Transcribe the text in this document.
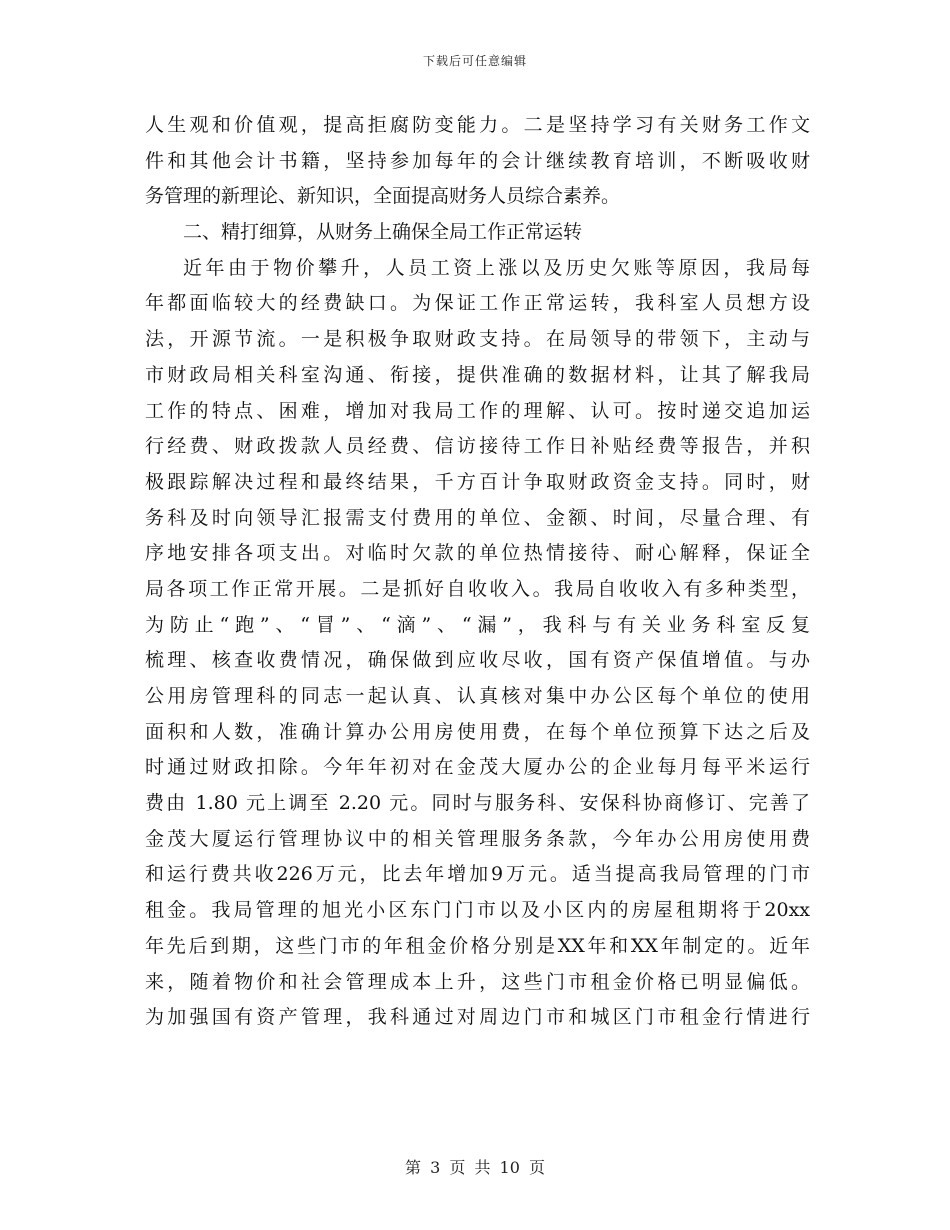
下载后可任意编辑
人生观和价值观，提高拒腐防变能力。二是坚持学习有关财务工作文
件和其他会计书籍，坚持参加每年的会计继续教育培训，不断吸收财
务管理的新理论、新知识，全面提高财务人员综合素养。
二、精打细算，从财务上确保全局工作正常运转
近年由于物价攀升，人员工资上涨以及历史欠账等原因，我局每
年都面临较大的经费缺口。为保证工作正常运转，我科室人员想方设
法，开源节流。一是积极争取财政支持。在局领导的带领下，主动与
市财政局相关科室沟通、衔接，提供准确的数据材料，让其了解我局
工作的特点、困难，增加对我局工作的理解、认可。按时递交追加运
行经费、财政拨款人员经费、信访接待工作日补贴经费等报告，并积
极跟踪解决过程和最终结果，千方百计争取财政资金支持。同时，财
务科及时向领导汇报需支付费用的单位、金额、时间，尽量合理、有
序地安排各项支出。对临时欠款的单位热情接待、耐心解释，保证全
局各项工作正常开展。二是抓好自收收入。我局自收收入有多种类型，
为防止“跑”、“冒”、“滴”、“漏”，我科与有关业务科室反复
梳理、核查收费情况，确保做到应收尽收，国有资产保值增值。与办
公用房管理科的同志一起认真、认真核对集中办公区每个单位的使用
面积和人数，准确计算办公用房使用费，在每个单位预算下达之后及
时通过财政扣除。今年年初对在金茂大厦办公的企业每月每平米运行
费由 1.80 元上调至 2.20 元。同时与服务科、安保科协商修订、完善了
金茂大厦运行管理协议中的相关管理服务条款，今年办公用房使用费
和运行费共收226万元，比去年增加9万元。适当提高我局管理的门市
租金。我局管理的旭光小区东门门市以及小区内的房屋租期将于20xx
年先后到期，这些门市的年租金价格分别是XX年和XX年制定的。近年
来，随着物价和社会管理成本上升，这些门市租金价格已明显偏低。
为加强国有资产管理，我科通过对周边门市和城区门市租金行情进行
第 3 页 共 10 页
